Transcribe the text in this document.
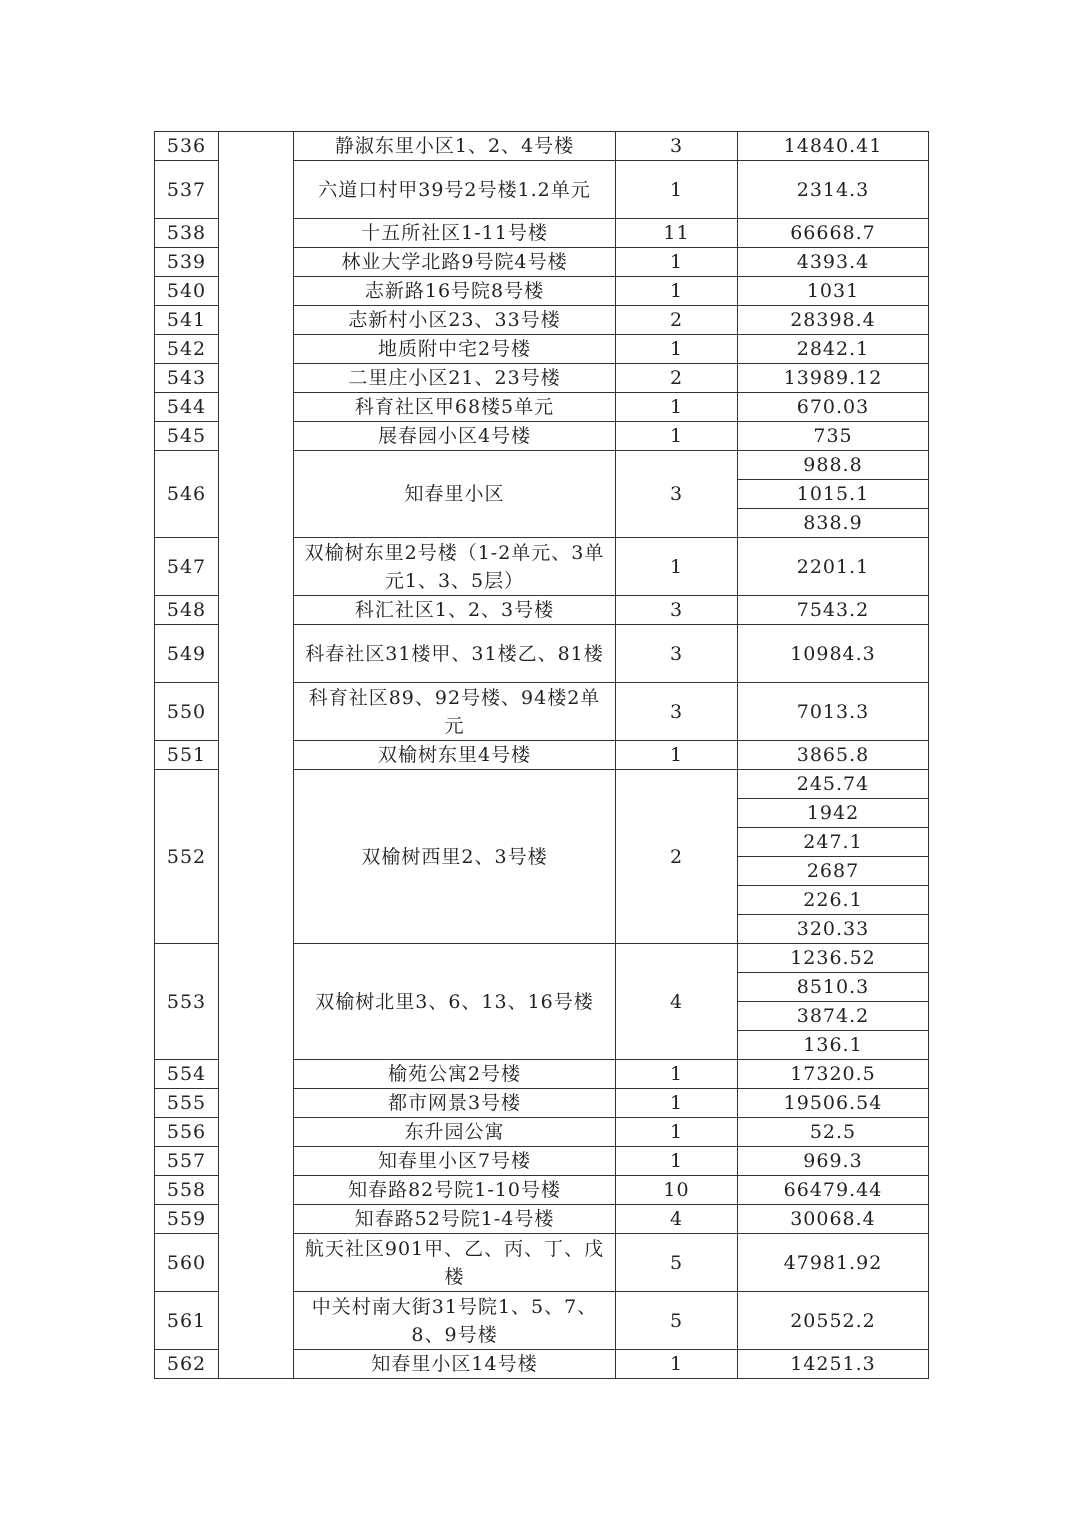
536		静淑东里小区1、2、4号楼	3	14840.41
537		六道口村甲39号2号楼1.2单元	1	2314.3
538		十五所社区1-11号楼	11	66668.7
539		林业大学北路9号院4号楼	1	4393.4
540		志新路16号院8号楼	1	1031
541		志新村小区23、33号楼	2	28398.4
542		地质附中宅2号楼	1	2842.1
543		二里庄小区21、23号楼	2	13989.12
544		科育社区甲68楼5单元	1	670.03
545		展春园小区4号楼	1	735
546		知春里小区	3	988.8
				1015.1
				838.9
547		双榆树东里2号楼（1-2单元、3单元1、3、5层）	1	2201.1
548		科汇社区1、2、3号楼	3	7543.2
549		科春社区31楼甲、31楼乙、81楼	3	10984.3
550		科育社区89、92号楼、94楼2单元	3	7013.3
551		双榆树东里4号楼	1	3865.8
552		双榆树西里2、3号楼	2	245.74
				1942
				247.1
				2687
				226.1
				320.33
553		双榆树北里3、6、13、16号楼	4	1236.52
				8510.3
				3874.2
				136.1
554		榆苑公寓2号楼	1	17320.5
555		都市网景3号楼	1	19506.54
556		东升园公寓	1	52.5
557		知春里小区7号楼	1	969.3
558		知春路82号院1-10号楼	10	66479.44
559		知春路52号院1-4号楼	4	30068.4
560		航天社区901甲、乙、丙、丁、戊楼	5	47981.92
561		中关村南大街31号院1、5、7、8、9号楼	5	20552.2
562		知春里小区14号楼	1	14251.3
